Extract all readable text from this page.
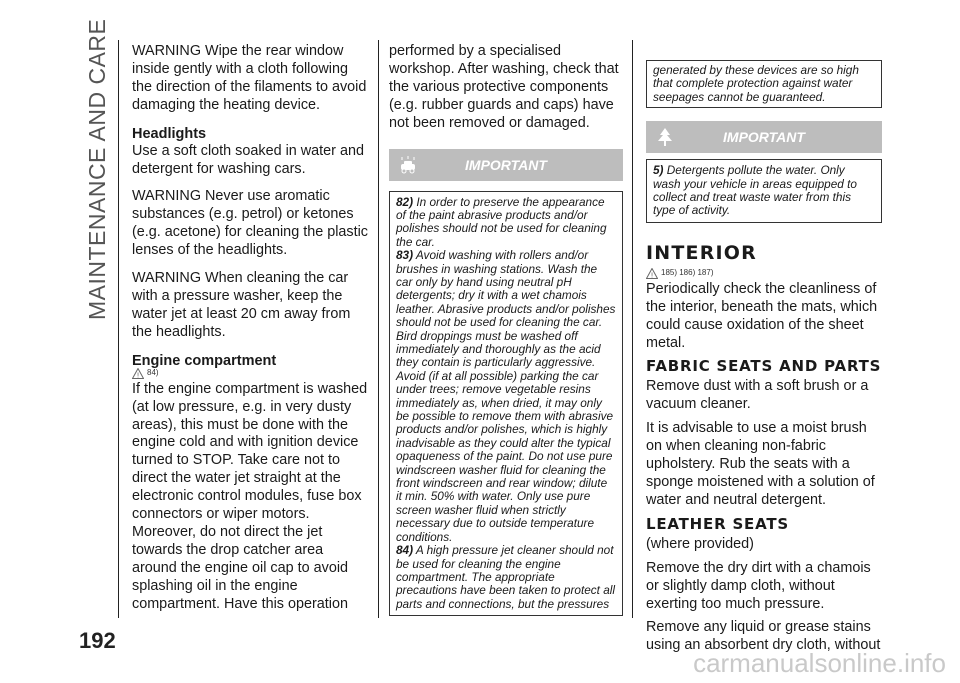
MAINTENANCE AND CARE WARNING Wipe the rear window inside gently with a cloth following the direction of the filaments to avoid damaging the heating device.

Headlights

Use a soft cloth soaked in water and detergent for washing cars.

WARNING Never use aromatic substances (e.g. petrol) or ketones (e.g. acetone) for cleaning the plastic lenses of the headlights.

WARNING When cleaning the car with a pressure washer, keep the water jet at least 20 cm away from the headlights.

Engine compartment
! 84)

If the engine compartment is washed (at low pressure, e.g. in very dusty areas), this must be done with the engine cold and with ignition device turned to STOP. Take care not to direct the water jet straight at the electronic control modules, fuse box connectors or wiper motors. Moreover, do not direct the jet towards the drop catcher area around the engine oil cap to avoid splashing oil in the engine compartment. Have this operation

performed by a specialised workshop. After washing, check that the various protective components (e.g. rubber guards and caps) have not been removed or damaged.

IMPORTANT
82) In order to preserve the appearance of the paint abrasive products and/or polishes should not be used for cleaning the car.
83) Avoid washing with rollers and/or brushes in washing stations. Wash the car only by hand using neutral pH detergents; dry it with a wet chamois leather. Abrasive products and/or polishes should not be used for cleaning the car. Bird droppings must be washed off immediately and thoroughly as the acid they contain is particularly aggressive. Avoid (if at all possible) parking the car under trees; remove vegetable resins immediately as, when dried, it may only be possible to remove them with abrasive products and/or polishes, which is highly inadvisable as they could alter the typical opaqueness of the paint. Do not use pure windscreen washer fluid for cleaning the front windscreen and rear window; dilute it min. 50% with water. Only use pure screen washer fluid when strictly necessary due to outside temperature conditions.
84) A high pressure jet cleaner should not be used for cleaning the engine compartment. The appropriate precautions have been taken to protect all parts and connections, but the pressures
generated by these devices are so high that complete protection against water seepages cannot be guaranteed.
IMPORTANT
5) Detergents pollute the water. Only wash your vehicle in areas equipped to collect and treat waste water from this type of activity.
INTERIOR
! 185) 186) 187)

Periodically check the cleanliness of the interior, beneath the mats, which could cause oxidation of the sheet metal.

FABRIC SEATS AND PARTS

Remove dust with a soft brush or a vacuum cleaner.

It is advisable to use a moist brush on when cleaning non-fabric upholstery. Rub the seats with a sponge moistened with a solution of water and neutral detergent.

LEATHER SEATS

(where provided)

Remove the dry dirt with a chamois or slightly damp cloth, without exerting too much pressure.

Remove any liquid or grease stains using an absorbent dry cloth, without

192
carmanualsonline.info
